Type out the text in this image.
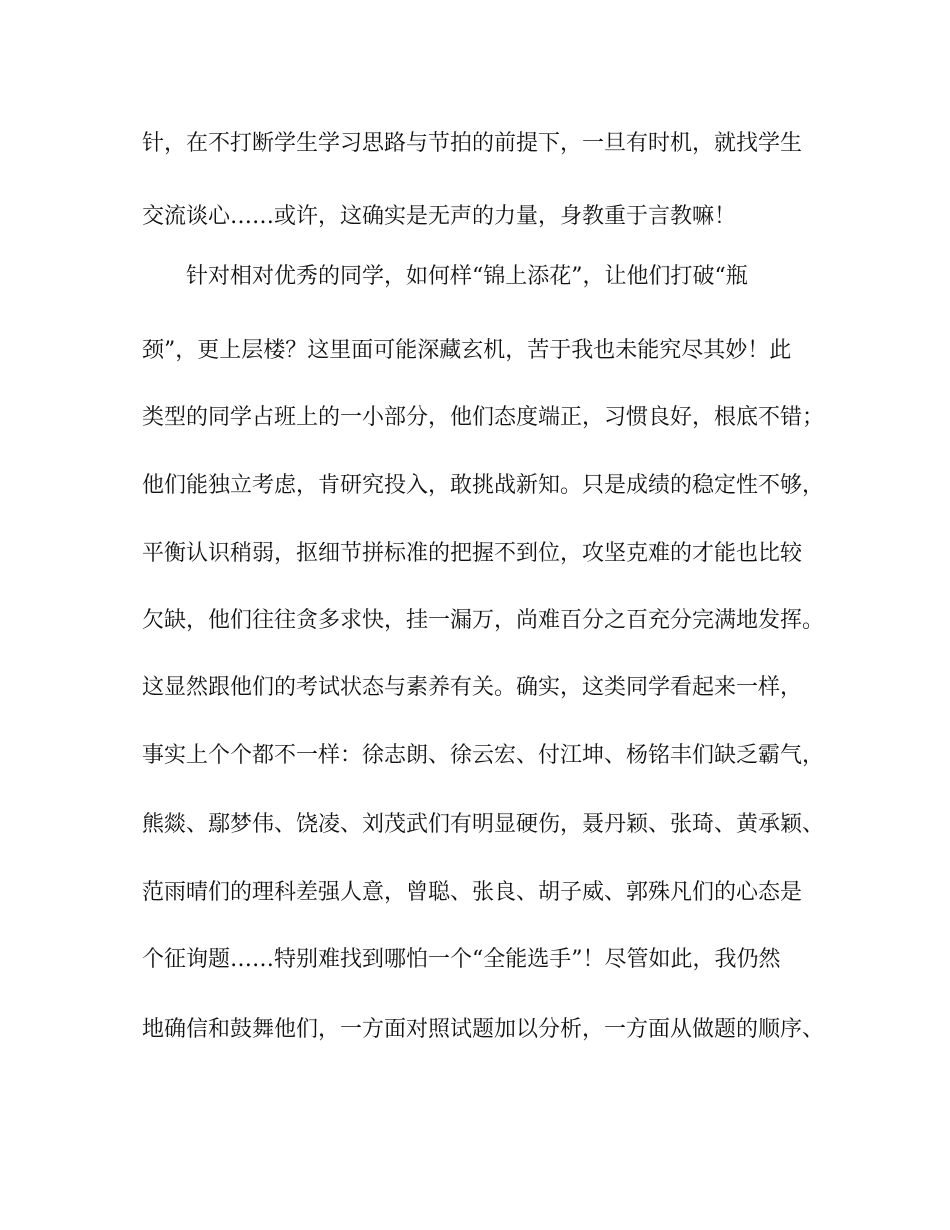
针，在不打断学生学习思路与节拍的前提下，一旦有时机，就找学生
交流谈心……或许，这确实是无声的力量，身教重于言教嘛！
针对相对优秀的同学，如何样“锦上添花”，让他们打破“瓶
颈”，更上层楼？这里面可能深藏玄机，苦于我也未能究尽其妙！此
类型的同学占班上的一小部分，他们态度端正，习惯良好，根底不错；
他们能独立考虑，肯研究投入，敢挑战新知。只是成绩的稳定性不够，
平衡认识稍弱，抠细节拼标准的把握不到位，攻坚克难的才能也比较
欠缺，他们往往贪多求快，挂一漏万，尚难百分之百充分完满地发挥。
这显然跟他们的考试状态与素养有关。确实，这类同学看起来一样，
事实上个个都不一样：徐志朗、徐云宏、付江坤、杨铭丰们缺乏霸气，
熊燚、鄢梦伟、饶凌、刘茂武们有明显硬伤，聂丹颖、张琦、黄承颖、
范雨晴们的理科差强人意，曾聪、张良、胡子威、郭殊凡们的心态是
个征询题……特别难找到哪怕一个“全能选手”！尽管如此，我仍然
地确信和鼓舞他们，一方面对照试题加以分析，一方面从做题的顺序、
